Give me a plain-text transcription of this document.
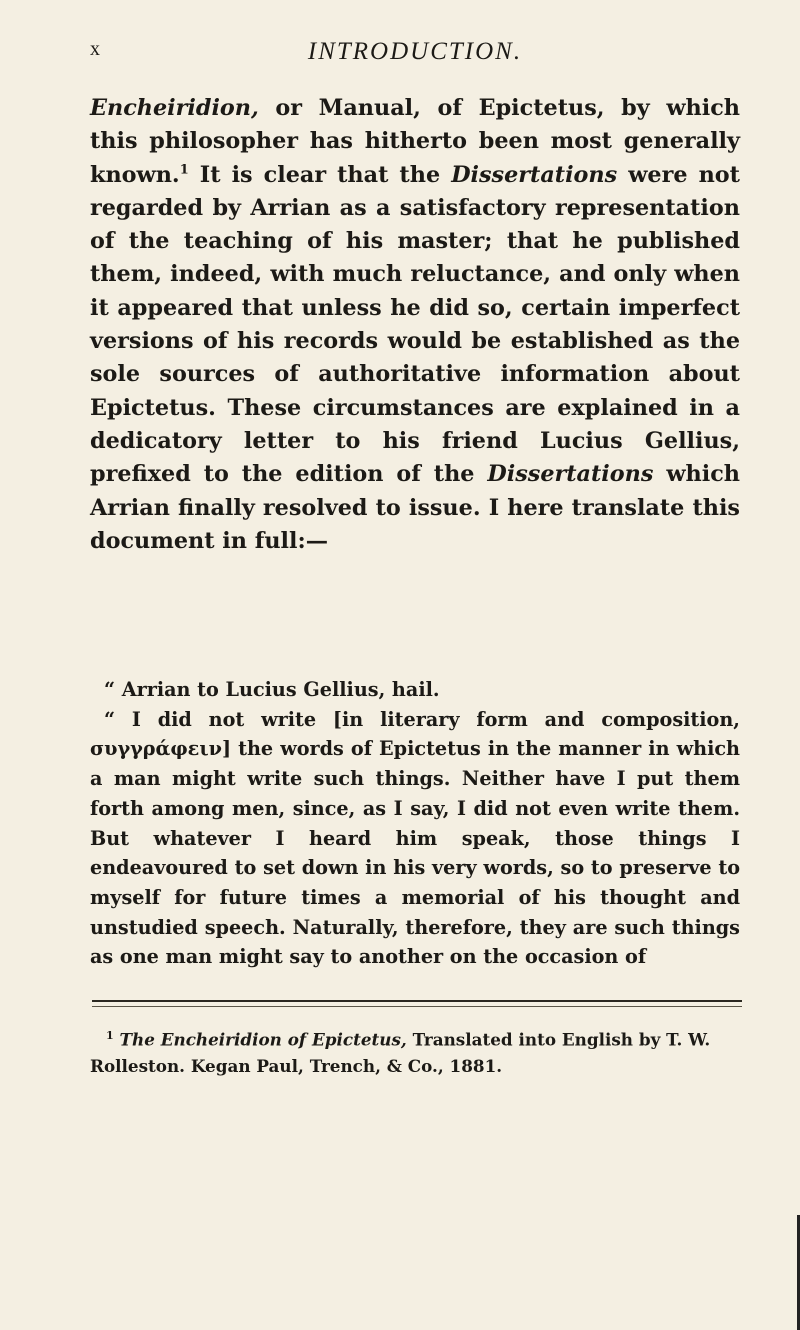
x	INTRODUCTION.

Encheiridion, or Manual, of Epictetus, by which this philosopher has hitherto been most generally known.$^1$ It is clear that the Dissertations were not regarded by Arrian as a satisfactory representation of the teaching of his master; that he published them, indeed, with much reluctance, and only when it appeared that unless he did so, certain imperfect versions of his records would be established as the sole sources of authoritative information about Epictetus. These circumstances are explained in a dedicatory letter to his friend Lucius Gellius, prefixed to the edition of the Dissertations which Arrian finally resolved to issue. I here translate this document in full:—

“ Arrian to Lucius Gellius, hail.

“ I did not write [in literary form and composition, συγγράφειν] the words of Epictetus in the manner in which a man might write such things. Neither have I put them forth among men, since, as I say, I did not even write them. But whatever I heard him speak, those things I endeavoured to set down in his very words, so to preserve to myself for future times a memorial of his thought and unstudied speech. Naturally, therefore, they are such things as one man might say to another on the occasion of

$^1$ The Encheiridion of Epictetus, Translated into English by T. W. Rolleston. Kegan Paul, Trench, & Co., 1881.
